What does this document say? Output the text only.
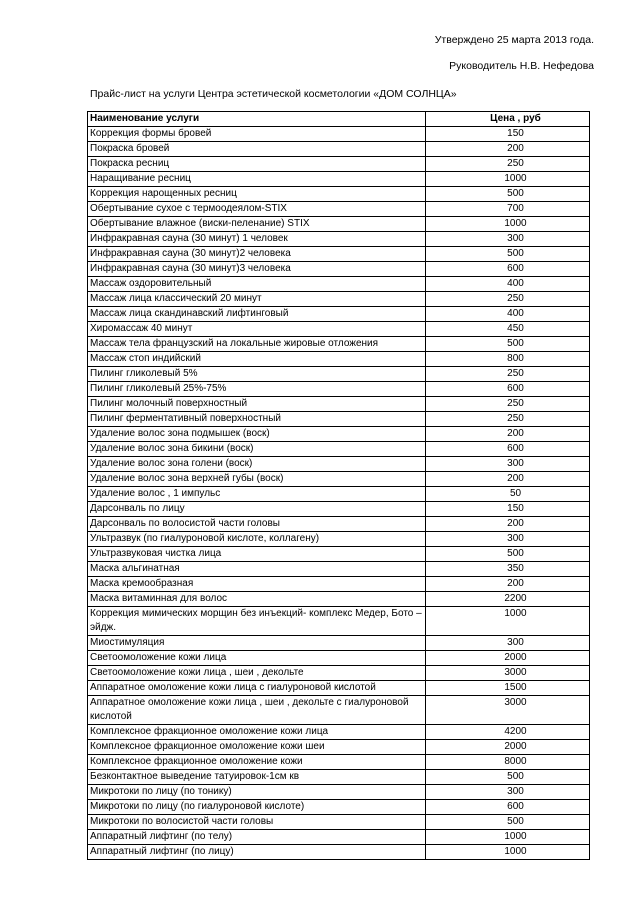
Утверждено 25 марта 2013 года.
Руководитель Н.В. Нефедова
Прайс-лист на услуги Центра эстетической косметологии «ДОМ СОЛНЦА»
Наименование услуги	Цена , руб
Коррекция формы бровей	150
Покраска бровей	200
Покраска ресниц	250
Наращивание ресниц	1000
Коррекция нарощенных ресниц	500
Обертывание сухое с термоодеялом-STIX	700
Обертывание влажное (виски-пеленание) STIX	1000
Инфракравная сауна (30 минут) 1 человек	300
Инфракравная сауна (30 минут)2 человека	500
Инфракравная сауна (30 минут)3 человека	600
Массаж оздоровительный	400
Массаж лица классический 20 минут	250
Массаж лица скандинавский лифтинговый	400
Хиромассаж 40 минут	450
Массаж тела французский на локальные жировые отложения	500
Массаж стоп индийский	800
Пилинг гликолевый 5%	250
Пилинг гликолевый 25%-75%	600
Пилинг молочный поверхностный	250
Пилинг ферментативный поверхностный	250
Удаление волос зона подмышек (воск)	200
Удаление волос зона бикини (воск)	600
Удаление волос зона голени (воск)	300
Удаление волос зона верхней губы (воск)	200
Удаление волос , 1 импульс	50
Дарсонваль по лицу	150
Дарсонваль по волосистой части головы	200
Ультразвук (по гиалуроновой кислоте, коллагену)	300
Ультразвуковая чистка лица	500
Маска альгинатная	350
Маска кремообразная	200
Маска витаминная для волос	2200
Коррекция мимических морщин без инъекций- комплекс Медер, Бото –эйдж.	1000
Миостимуляция	300
Светоомоложение кожи лица	2000
Светоомоложение кожи лица , шеи , декольте	3000
Аппаратное омоложение кожи лица с гиалуроновой кислотой	1500
Аппаратное омоложение кожи лица , шеи , декольте с гиалуроновой кислотой	3000
Комплексное фракционное омоложение кожи лица	4200
Комплексное фракционное омоложение кожи шеи	2000
Комплексное фракционное омоложение кожи	8000
Безконтактное выведение татуировок-1см кв	500
Микротоки по лицу (по тонику)	300
Микротоки по лицу (по гиалуроновой кислоте)	600
Микротоки по волосистой части головы	500
Аппаратный лифтинг (по телу)	1000
Аппаратный лифтинг (по лицу)	1000
